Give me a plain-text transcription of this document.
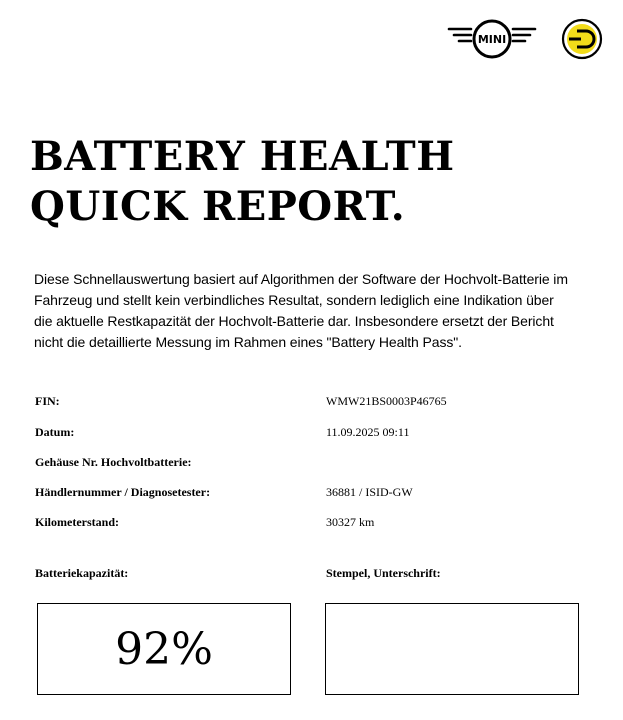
MINI
BATTERY HEALTH
QUICK REPORT.

Diese Schnellauswertung basiert auf Algorithmen der Software der Hochvolt-Batterie im Fahrzeug und stellt kein verbindliches Resultat, sondern lediglich eine Indikation über die aktuelle Restkapazität der Hochvolt-Batterie dar. Insbesondere ersetzt der Bericht nicht die detaillierte Messung im Rahmen eines "Battery Health Pass".

FIN:	WMW21BS0003P46765
Datum:	11.09.2025 09:11
Gehäuse Nr. Hochvoltbatterie:
Händlernummer / Diagnosetester:	36881 / ISID-GW
Kilometerstand:	30327 km
Batteriekapazität:	Stempel, Unterschrift:
92%
